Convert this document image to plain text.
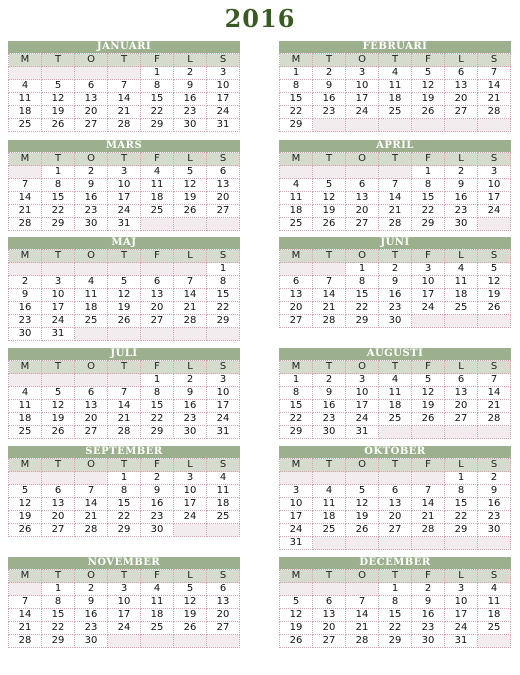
2016
JANUARI
M	T	O	T	F	L	S
				1	2	3
4	5	6	7	8	9	10
11	12	13	14	15	16	17
18	19	20	21	22	23	24
25	26	27	28	29	30	31
FEBRUARI
M	T	O	T	F	L	S
1	2	3	4	5	6	7
8	9	10	11	12	13	14
15	16	17	18	19	20	21
22	23	24	25	26	27	28
29						
MARS
M	T	O	T	F	L	S
	1	2	3	4	5	6
7	8	9	10	11	12	13
14	15	16	17	18	19	20
21	22	23	24	25	26	27
28	29	30	31			
APRIL
M	T	O	T	F	L	S
				1	2	3
4	5	6	7	8	9	10
11	12	13	14	15	16	17
18	19	20	21	22	23	24
25	26	27	28	29	30	
MAJ
M	T	O	T	F	L	S
						1
2	3	4	5	6	7	8
9	10	11	12	13	14	15
16	17	18	19	20	21	22
23	24	25	26	27	28	29
30	31					
JUNI
M	T	O	T	F	L	S
		1	2	3	4	5
6	7	8	9	10	11	12
13	14	15	16	17	18	19
20	21	22	23	24	25	26
27	28	29	30			
JULI
M	T	O	T	F	L	S
				1	2	3
4	5	6	7	8	9	10
11	12	13	14	15	16	17
18	19	20	21	22	23	24
25	26	27	28	29	30	31
AUGUSTI
M	T	O	T	F	L	S
1	2	3	4	5	6	7
8	9	10	11	12	13	14
15	16	17	18	19	20	21
22	23	24	25	26	27	28
29	30	31				
SEPTEMBER
M	T	O	T	F	L	S
			1	2	3	4
5	6	7	8	9	10	11
12	13	14	15	16	17	18
19	20	21	22	23	24	25
26	27	28	29	30		
OKTOBER
M	T	O	T	F	L	S
					1	2
3	4	5	6	7	8	9
10	11	12	13	14	15	16
17	18	19	20	21	22	23
24	25	26	27	28	29	30
31						
NOVEMBER
M	T	O	T	F	L	S
	1	2	3	4	5	6
7	8	9	10	11	12	13
14	15	16	17	18	19	20
21	22	23	24	25	26	27
28	29	30				
DECEMBER
M	T	O	T	F	L	S
			1	2	3	4
5	6	7	8	9	10	11
12	13	14	15	16	17	18
19	20	21	22	23	24	25
26	27	28	29	30	31	
